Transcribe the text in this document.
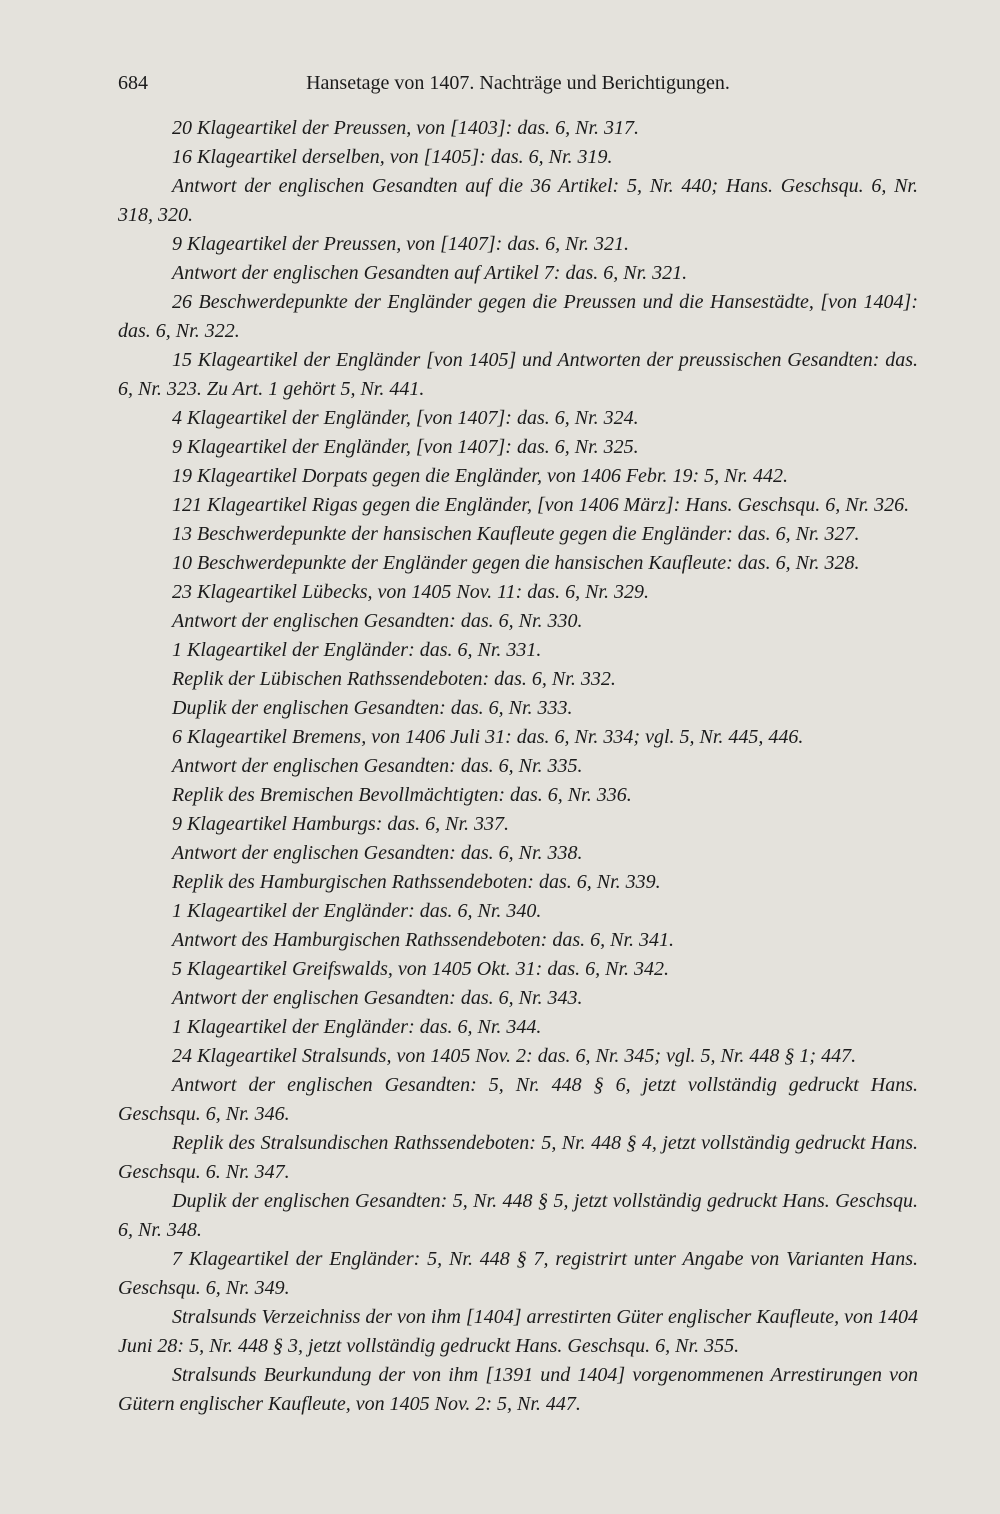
684	Hansetage von 1407. Nachträge und Berichtigungen.

20 Klageartikel der Preussen, von [1403]: das. 6, Nr. 317.

16 Klageartikel derselben, von [1405]: das. 6, Nr. 319.

Antwort der englischen Gesandten auf die 36 Artikel: 5, Nr. 440; Hans. Geschsqu. 6, Nr. 318, 320.

9 Klageartikel der Preussen, von [1407]: das. 6, Nr. 321.

Antwort der englischen Gesandten auf Artikel 7: das. 6, Nr. 321.

26 Beschwerdepunkte der Engländer gegen die Preussen und die Hansestädte, [von 1404]: das. 6, Nr. 322.

15 Klageartikel der Engländer [von 1405] und Antworten der preussischen Gesandten: das. 6, Nr. 323. Zu Art. 1 gehört 5, Nr. 441.

4 Klageartikel der Engländer, [von 1407]: das. 6, Nr. 324.

9 Klageartikel der Engländer, [von 1407]: das. 6, Nr. 325.

19 Klageartikel Dorpats gegen die Engländer, von 1406 Febr. 19: 5, Nr. 442.

121 Klageartikel Rigas gegen die Engländer, [von 1406 März]: Hans. Geschsqu. 6, Nr. 326.

13 Beschwerdepunkte der hansischen Kaufleute gegen die Engländer: das. 6, Nr. 327.

10 Beschwerdepunkte der Engländer gegen die hansischen Kaufleute: das. 6, Nr. 328.

23 Klageartikel Lübecks, von 1405 Nov. 11: das. 6, Nr. 329.

Antwort der englischen Gesandten: das. 6, Nr. 330.

1 Klageartikel der Engländer: das. 6, Nr. 331.

Replik der Lübischen Rathssendeboten: das. 6, Nr. 332.

Duplik der englischen Gesandten: das. 6, Nr. 333.

6 Klageartikel Bremens, von 1406 Juli 31: das. 6, Nr. 334; vgl. 5, Nr. 445, 446.

Antwort der englischen Gesandten: das. 6, Nr. 335.

Replik des Bremischen Bevollmächtigten: das. 6, Nr. 336.

9 Klageartikel Hamburgs: das. 6, Nr. 337.

Antwort der englischen Gesandten: das. 6, Nr. 338.

Replik des Hamburgischen Rathssendeboten: das. 6, Nr. 339.

1 Klageartikel der Engländer: das. 6, Nr. 340.

Antwort des Hamburgischen Rathssendeboten: das. 6, Nr. 341.

5 Klageartikel Greifswalds, von 1405 Okt. 31: das. 6, Nr. 342.

Antwort der englischen Gesandten: das. 6, Nr. 343.

1 Klageartikel der Engländer: das. 6, Nr. 344.

24 Klageartikel Stralsunds, von 1405 Nov. 2: das. 6, Nr. 345; vgl. 5, Nr. 448 § 1; 447.

Antwort der englischen Gesandten: 5, Nr. 448 § 6, jetzt vollständig gedruckt Hans. Geschsqu. 6, Nr. 346.

Replik des Stralsundischen Rathssendeboten: 5, Nr. 448 § 4, jetzt vollständig gedruckt Hans. Geschsqu. 6. Nr. 347.

Duplik der englischen Gesandten: 5, Nr. 448 § 5, jetzt vollständig gedruckt Hans. Geschsqu. 6, Nr. 348.

7 Klageartikel der Engländer: 5, Nr. 448 § 7, registrirt unter Angabe von Varianten Hans. Geschsqu. 6, Nr. 349.

Stralsunds Verzeichniss der von ihm [1404] arrestirten Güter englischer Kaufleute, von 1404 Juni 28: 5, Nr. 448 § 3, jetzt vollständig gedruckt Hans. Geschsqu. 6, Nr. 355.

Stralsunds Beurkundung der von ihm [1391 und 1404] vorgenommenen Arrestirungen von Gütern englischer Kaufleute, von 1405 Nov. 2: 5, Nr. 447.
